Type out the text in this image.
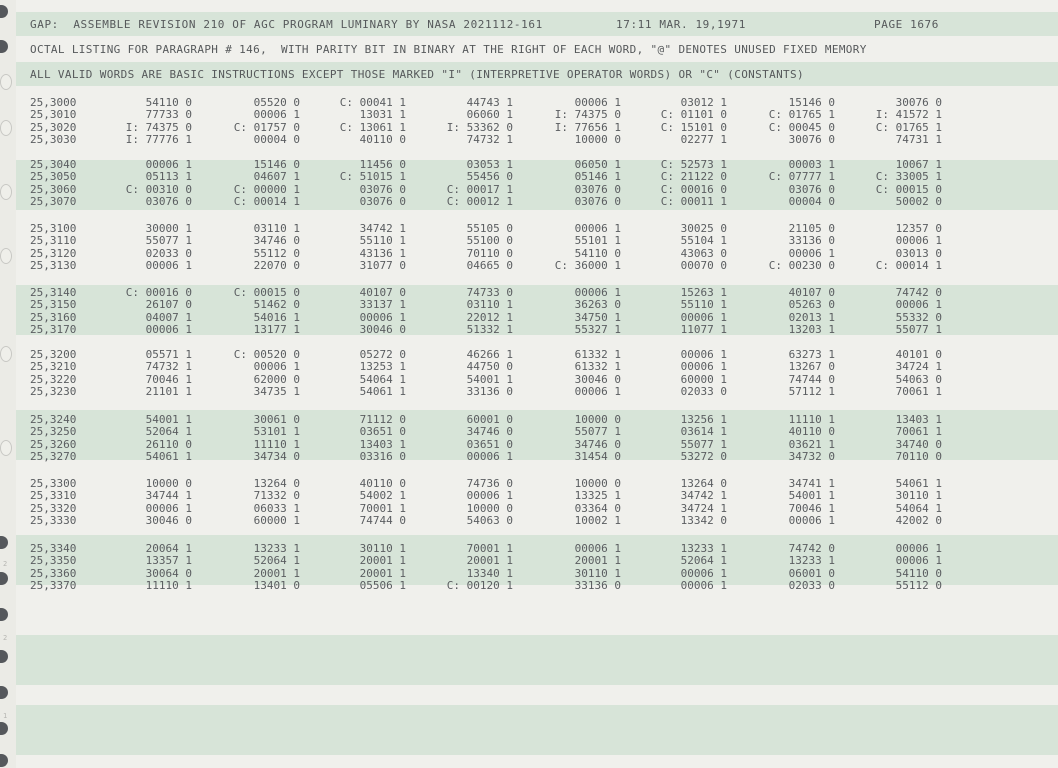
2
2
1
GAP:  ASSEMBLE REVISION 210 OF AGC PROGRAM LUMINARY BY NASA 2021112-161	17:11 MAR. 19,1971	PAGE 1676
OCTAL LISTING FOR PARAGRAPH # 146,  WITH PARITY BIT IN BINARY AT THE RIGHT OF EACH WORD, "@" DENOTES UNUSED FIXED MEMORY
ALL VALID WORDS ARE BASIC INSTRUCTIONS EXCEPT THOSE MARKED "I" (INTERPRETIVE OPERATOR WORDS) OR "C" (CONSTANTS)
25,3000	54110 0	05520 0	C: 00041 1	44743 1	00006 1	03012 1	15146 0	30076 0
25,3010	77733 0	00006 1	13031 1	06060 1	I: 74375 0	C: 01101 0	C: 01765 1	I: 41572 1
25,3020	I: 74375 0	C: 01757 0	C: 13061 1	I: 53362 0	I: 77656 1	C: 15101 0	C: 00045 0	C: 01765 1
25,3030	I: 77776 1	00004 0	40110 0	74732 1	10000 0	02277 1	30076 0	74731 1
25,3040	00006 1	15146 0	11456 0	03053 1	06050 1	C: 52573 1	00003 1	10067 1
25,3050	05113 1	04607 1	C: 51015 1	55456 0	05146 1	C: 21122 0	C: 07777 1	C: 33005 1
25,3060	C: 00310 0	C: 00000 1	03076 0	C: 00017 1	03076 0	C: 00016 0	03076 0	C: 00015 0
25,3070	03076 0	C: 00014 1	03076 0	C: 00012 1	03076 0	C: 00011 1	00004 0	50002 0
25,3100	30000 1	03110 1	34742 1	55105 0	00006 1	30025 0	21105 0	12357 0
25,3110	55077 1	34746 0	55110 1	55100 0	55101 1	55104 1	33136 0	00006 1
25,3120	02033 0	55112 0	43136 1	70110 0	54110 0	43063 0	00006 1	03013 0
25,3130	00006 1	22070 0	31077 0	04665 0	C: 36000 1	00070 0	C: 00230 0	C: 00014 1
25,3140	C: 00016 0	C: 00015 0	40107 0	74733 0	00006 1	15263 1	40107 0	74742 0
25,3150	26107 0	51462 0	33137 1	03110 1	36263 0	55110 1	05263 0	00006 1
25,3160	04007 1	54016 1	00006 1	22012 1	34750 1	00006 1	02013 1	55332 0
25,3170	00006 1	13177 1	30046 0	51332 1	55327 1	11077 1	13203 1	55077 1
25,3200	05571 1	C: 00520 0	05272 0	46266 1	61332 1	00006 1	63273 1	40101 0
25,3210	74732 1	00006 1	13253 1	44750 0	61332 1	00006 1	13267 0	34724 1
25,3220	70046 1	62000 0	54064 1	54001 1	30046 0	60000 1	74744 0	54063 0
25,3230	21101 1	34735 1	54061 1	33136 0	00006 1	02033 0	57112 1	70061 1
25,3240	54001 1	30061 0	71112 0	60001 0	10000 0	13256 1	11110 1	13403 1
25,3250	52064 1	53101 1	03651 0	34746 0	55077 1	03614 1	40110 0	70061 1
25,3260	26110 0	11110 1	13403 1	03651 0	34746 0	55077 1	03621 1	34740 0
25,3270	54061 1	34734 0	03316 0	00006 1	31454 0	53272 0	34732 0	70110 0
25,3300	10000 0	13264 0	40110 0	74736 0	10000 0	13264 0	34741 1	54061 1
25,3310	34744 1	71332 0	54002 1	00006 1	13325 1	34742 1	54001 1	30110 1
25,3320	00006 1	06033 1	70001 1	10000 0	03364 0	34724 1	70046 1	54064 1
25,3330	30046 0	60000 1	74744 0	54063 0	10002 1	13342 0	00006 1	42002 0
25,3340	20064 1	13233 1	30110 1	70001 1	00006 1	13233 1	74742 0	00006 1
25,3350	13357 1	52064 1	20001 1	20001 1	20001 1	52064 1	13233 1	00006 1
25,3360	30064 0	20001 1	20001 1	13340 1	30110 1	00006 1	06001 0	54110 0
25,3370	11110 1	13401 0	05506 1	C: 00120 1	33136 0	00006 1	02033 0	55112 0
